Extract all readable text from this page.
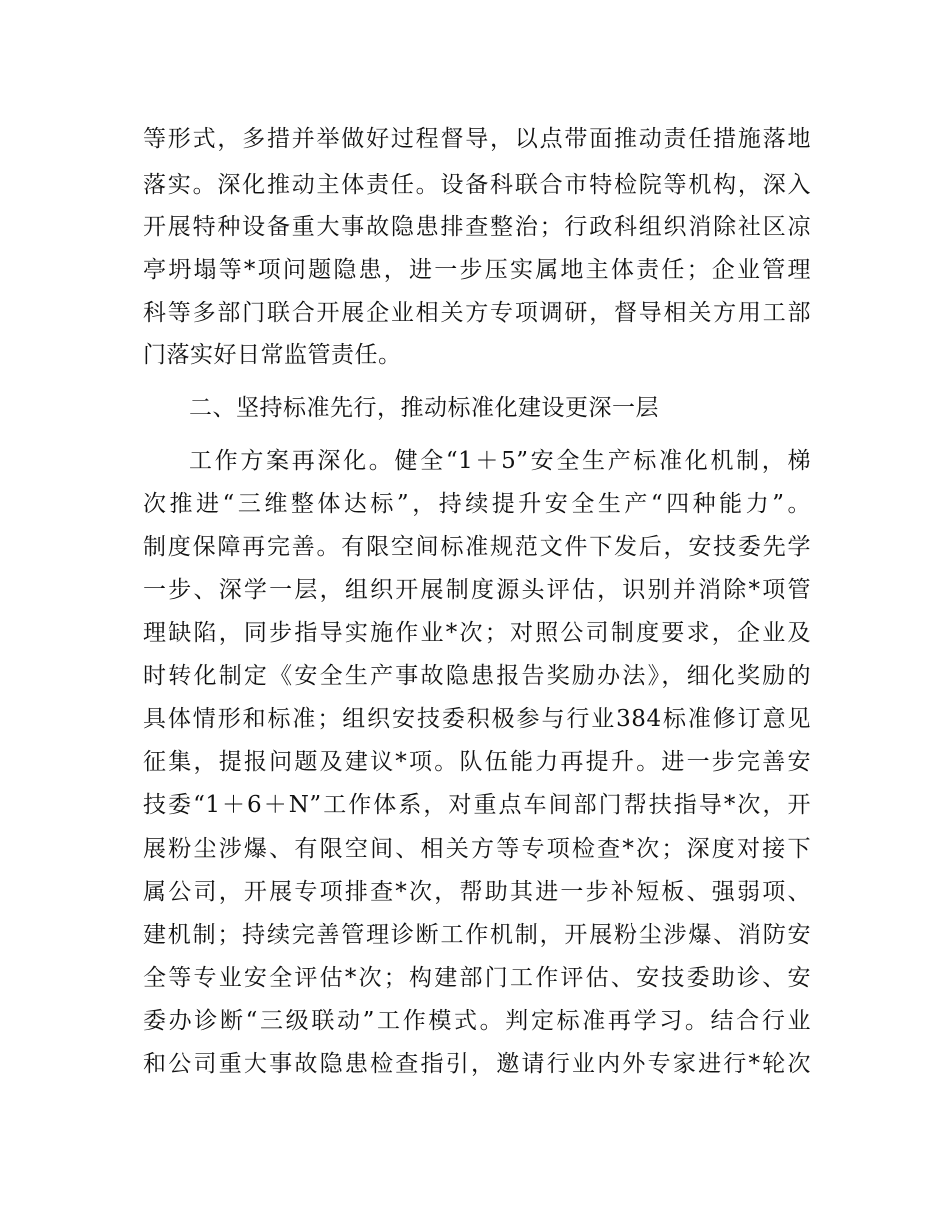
等形式，多措并举做好过程督导，以点带面推动责任措施落地
落实。深化推动主体责任。设备科联合市特检院等机构，深入
开展特种设备重大事故隐患排查整治；行政科组织消除社区凉
亭坍塌等*项问题隐患，进一步压实属地主体责任；企业管理
科等多部门联合开展企业相关方专项调研，督导相关方用工部
门落实好日常监管责任。
二、坚持标准先行，推动标准化建设更深一层
工作方案再深化。健全“1＋5”安全生产标准化机制，梯
次推进“三维整体达标”，持续提升安全生产“四种能力”。
制度保障再完善。有限空间标准规范文件下发后，安技委先学
一步、深学一层，组织开展制度源头评估，识别并消除*项管
理缺陷，同步指导实施作业*次；对照公司制度要求，企业及
时转化制定《安全生产事故隐患报告奖励办法》，细化奖励的
具体情形和标准；组织安技委积极参与行业384标准修订意见
征集，提报问题及建议*项。队伍能力再提升。进一步完善安
技委“1＋6＋N”工作体系，对重点车间部门帮扶指导*次，开
展粉尘涉爆、有限空间、相关方等专项检查*次；深度对接下
属公司，开展专项排查*次，帮助其进一步补短板、强弱项、
建机制；持续完善管理诊断工作机制，开展粉尘涉爆、消防安
全等专业安全评估*次；构建部门工作评估、安技委助诊、安
委办诊断“三级联动”工作模式。判定标准再学习。结合行业
和公司重大事故隐患检查指引，邀请行业内外专家进行*轮次
